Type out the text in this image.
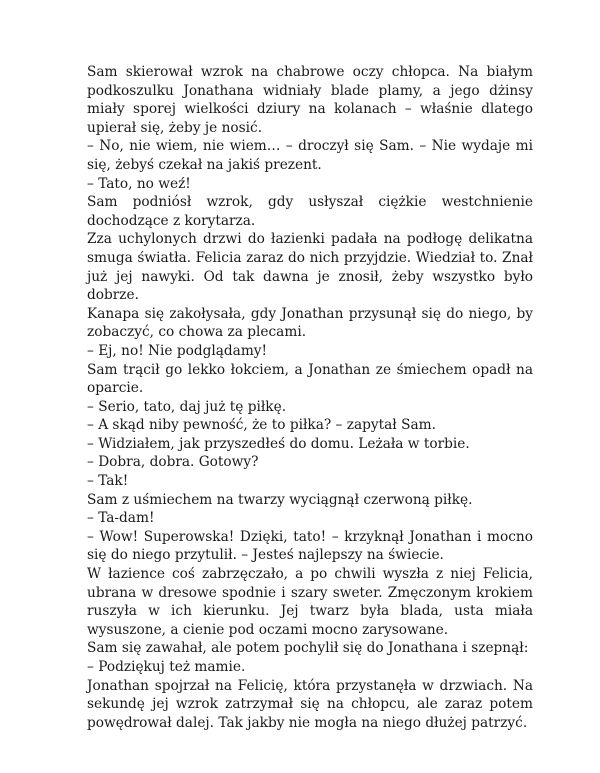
Sam skierował wzrok na chabrowe oczy chłopca. Na białym podkoszulku Jonathana widniały blade plamy, a jego dżinsy miały sporej wielkości dziury na kolanach – właśnie dlatego upierał się, żeby je nosić.

– No, nie wiem, nie wiem… – droczył się Sam. – Nie wydaje mi się, żebyś czekał na jakiś prezent.

– Tato, no weź!

Sam podniósł wzrok, gdy usłyszał ciężkie westchnienie dochodzące z korytarza.

Zza uchylonych drzwi do łazienki padała na podłogę delikatna smuga światła. Felicia zaraz do nich przyjdzie. Wiedział to. Znał już jej nawyki. Od tak dawna je znosił, żeby wszystko było dobrze.

Kanapa się zakołysała, gdy Jonathan przysunął się do niego, by zobaczyć, co chowa za plecami.

– Ej, no! Nie podglądamy!

Sam trącił go lekko łokciem, a Jonathan ze śmiechem opadł na oparcie.

– Serio, tato, daj już tę piłkę.

– A skąd niby pewność, że to piłka? – zapytał Sam.

– Widziałem, jak przyszedłeś do domu. Leżała w torbie.

– Dobra, dobra. Gotowy?

– Tak!

Sam z uśmiechem na twarzy wyciągnął czerwoną piłkę.

– Ta-dam!

– Wow! Superowska! Dzięki, tato! – krzyknął Jonathan i mocno się do niego przytulił. – Jesteś najlepszy na świecie.

W łazience coś zabrzęczało, a po chwili wyszła z niej Felicia, ubrana w dresowe spodnie i szary sweter. Zmęczonym krokiem ruszyła w ich kierunku. Jej twarz była blada, usta miała wysuszone, a cienie pod oczami mocno zarysowane.

Sam się zawahał, ale potem pochylił się do Jonathana i szepnął:

– Podziękuj też mamie.

Jonathan spojrzał na Felicię, która przystanęła w drzwiach. Na sekundę jej wzrok zatrzymał się na chłopcu, ale zaraz potem powędrował dalej. Tak jakby nie mogła na niego dłużej patrzyć.
